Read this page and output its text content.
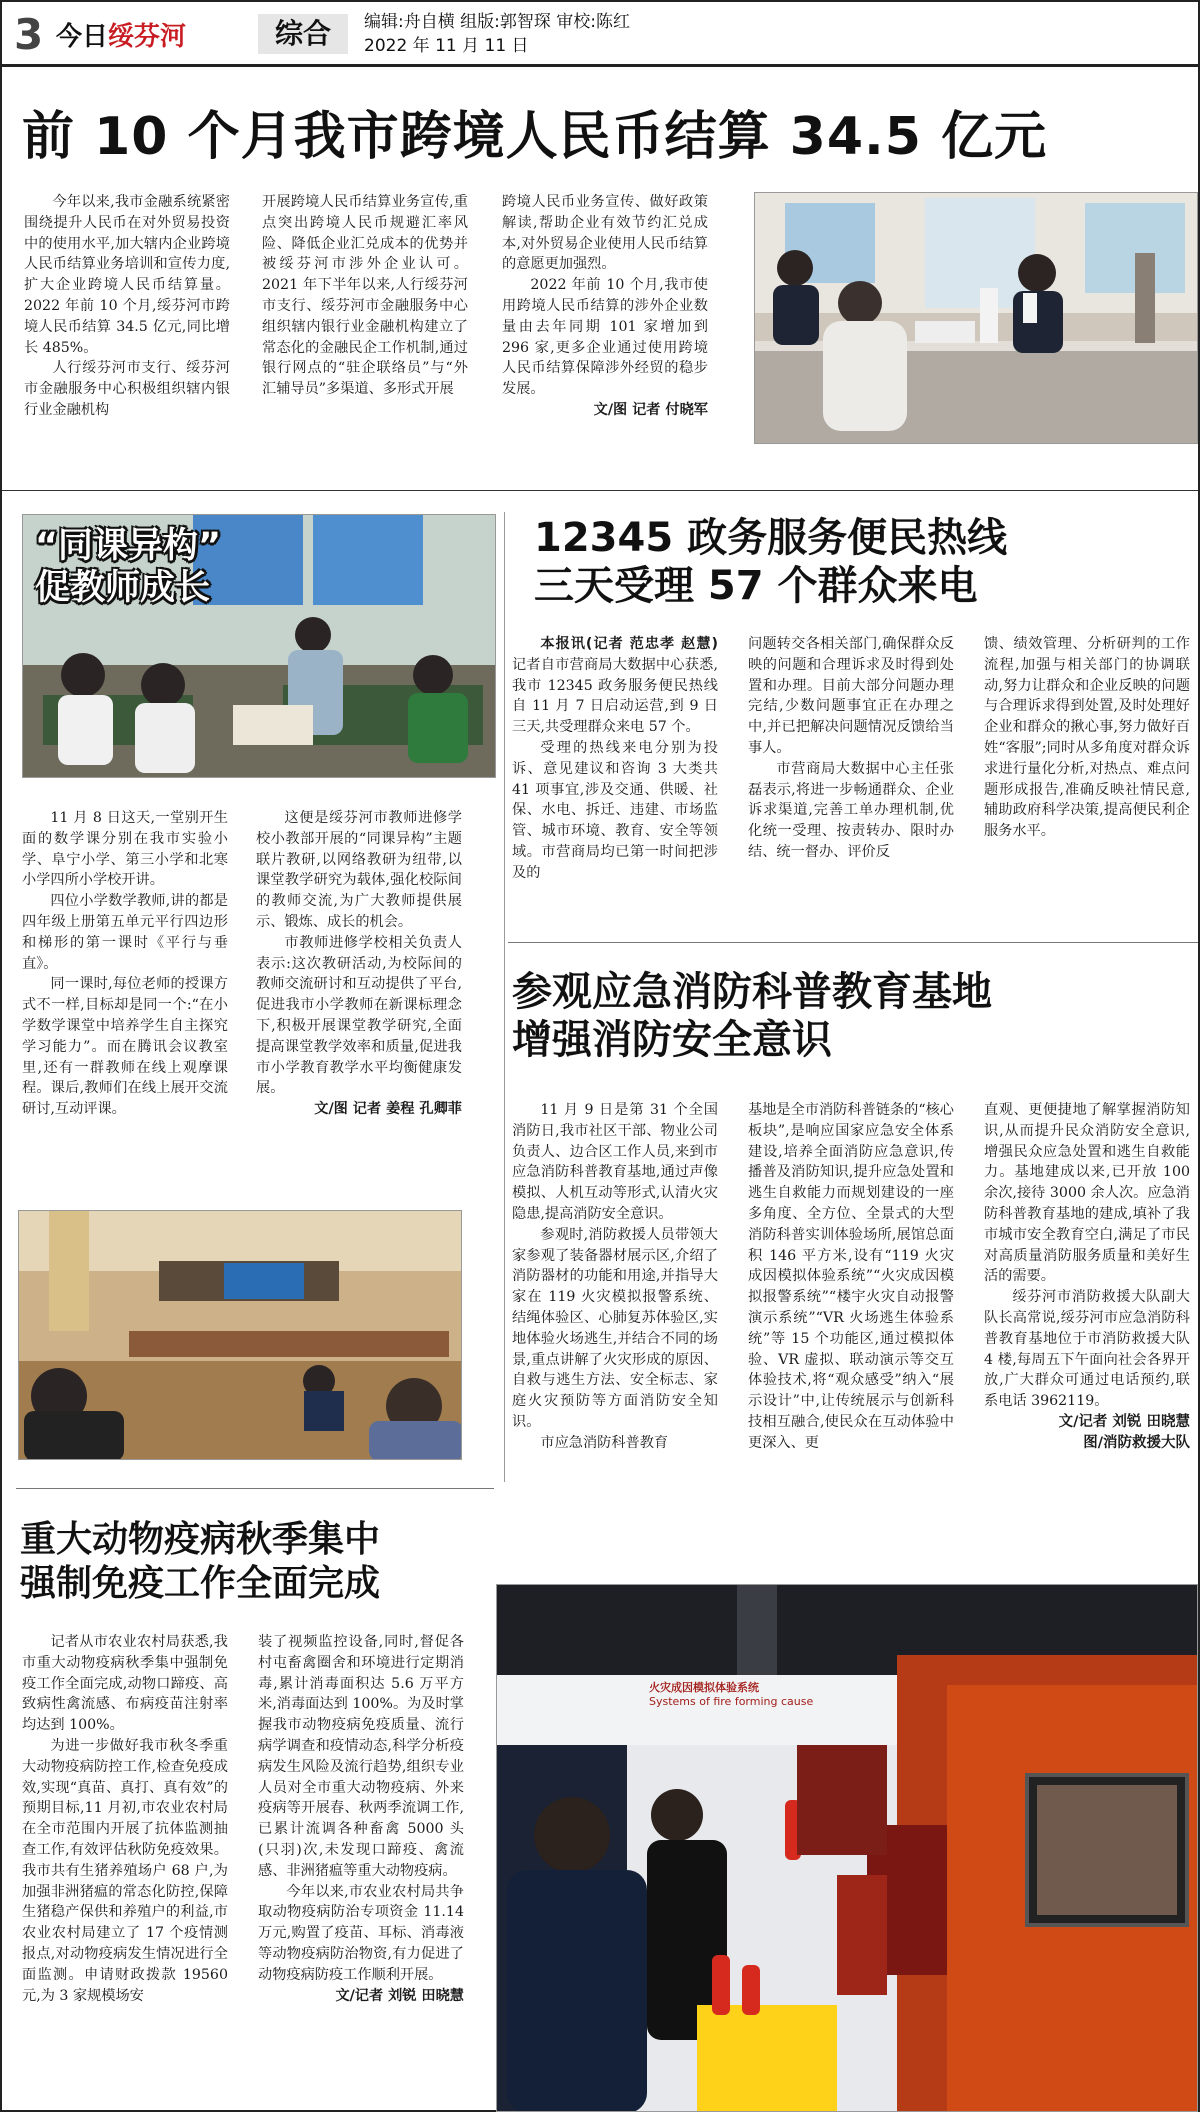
3 今日绥芬河	综合	编辑:舟自横 组版:郭智琛 审校:陈红
2022 年 11 月 11 日
前 10 个月我市跨境人民币结算 34.5 亿元

今年以来,我市金融系统紧密围绕提升人民币在对外贸易投资中的使用水平,加大辖内企业跨境人民币结算业务培训和宣传力度,扩大企业跨境人民币结算量。2022 年前 10 个月,绥芬河市跨境人民币结算 34.5 亿元,同比增长 485%。

人行绥芬河市支行、绥芬河市金融服务中心积极组织辖内银行业金融机构

开展跨境人民币结算业务宣传,重点突出跨境人民币规避汇率风险、降低企业汇兑成本的优势并被绥芬河市涉外企业认可。2021 年下半年以来,人行绥芬河市支行、绥芬河市金融服务中心组织辖内银行业金融机构建立了常态化的金融民企工作机制,通过银行网点的“驻企联络员”与“外汇辅导员”多渠道、多形式开展

跨境人民币业务宣传、做好政策解读,帮助企业有效节约汇兑成本,对外贸易企业使用人民币结算的意愿更加强烈。

2022 年前 10 个月,我市使用跨境人民币结算的涉外企业数量由去年同期 101 家增加到 296 家,更多企业通过使用跨境人民币结算保障涉外经贸的稳步发展。

文/图 记者 付晓军
“同课异构”
促教师成长

11 月 8 日这天,一堂别开生面的数学课分别在我市实验小学、阜宁小学、第三小学和北寒小学四所小学校开讲。

四位小学数学教师,讲的都是四年级上册第五单元平行四边形和梯形的第一课时《平行与垂直》。

同一课时,每位老师的授课方式不一样,目标却是同一个:“在小学数学课堂中培养学生自主探究学习能力”。而在腾讯会议教室里,还有一群教师在线上观摩课程。课后,教师们在线上展开交流研讨,互动评课。

这便是绥芬河市教师进修学校小教部开展的“同课异构”主题联片教研,以网络教研为纽带,以课堂教学研究为载体,强化校际间的教师交流,为广大教师提供展示、锻炼、成长的机会。

市教师进修学校相关负责人表示:这次教研活动,为校际间的教师交流研讨和互动提供了平台,促进我市小学教师在新课标理念下,积极开展课堂教学研究,全面提高课堂教学效率和质量,促进我市小学教育教学水平均衡健康发展。

文/图 记者 姜程 孔卿菲
12345 政务服务便民热线
三天受理 57 个群众来电

本报讯(记者 范忠孝 赵慧)记者自市营商局大数据中心获悉,我市 12345 政务服务便民热线自 11 月 7 日启动运营,到 9 日三天,共受理群众来电 57 个。

受理的热线来电分别为投诉、意见建议和咨询 3 大类共 41 项事宜,涉及交通、供暖、社保、水电、拆迁、违建、市场监管、城市环境、教育、安全等领域。市营商局均已第一时间把涉及的

问题转交各相关部门,确保群众反映的问题和合理诉求及时得到处置和办理。目前大部分问题办理完结,少数问题事宜正在办理之中,并已把解决问题情况反馈给当事人。

市营商局大数据中心主任张磊表示,将进一步畅通群众、企业诉求渠道,完善工单办理机制,优化统一受理、按责转办、限时办结、统一督办、评价反

馈、绩效管理、分析研判的工作流程,加强与相关部门的协调联动,努力让群众和企业反映的问题与合理诉求得到处置,及时处理好企业和群众的揪心事,努力做好百姓“客服”;同时从多角度对群众诉求进行量化分析,对热点、难点问题形成报告,准确反映社情民意,辅助政府科学决策,提高便民利企服务水平。

参观应急消防科普教育基地
增强消防安全意识

11 月 9 日是第 31 个全国消防日,我市社区干部、物业公司负责人、边合区工作人员,来到市应急消防科普教育基地,通过声像模拟、人机互动等形式,认清火灾隐患,提高消防安全意识。

参观时,消防救援人员带领大家参观了装备器材展示区,介绍了消防器材的功能和用途,并指导大家在 119 火灾模拟报警系统、结绳体验区、心肺复苏体验区,实地体验火场逃生,并结合不同的场景,重点讲解了火灾形成的原因、自救与逃生方法、安全标志、家庭火灾预防等方面消防安全知识。

市应急消防科普教育

基地是全市消防科普链条的“核心板块”,是响应国家应急安全体系建设,培养全面消防应急意识,传播普及消防知识,提升应急处置和逃生自救能力而规划建设的一座多角度、全方位、全景式的大型消防科普实训体验场所,展馆总面积 146 平方米,设有“119 火灾成因模拟体验系统”“火灾成因模拟报警系统”“楼宇火灾自动报警演示系统”“VR 火场逃生体验系统”等 15 个功能区,通过模拟体验、VR 虚拟、联动演示等交互体验技术,将“观众感受”纳入“展示设计”中,让传统展示与创新科技相互融合,使民众在互动体验中更深入、更

直观、更便捷地了解掌握消防知识,从而提升民众消防安全意识,增强民众应急处置和逃生自救能力。基地建成以来,已开放 100 余次,接待 3000 余人次。应急消防科普教育基地的建成,填补了我市城市安全教育空白,满足了市民对高质量消防服务质量和美好生活的需要。

绥芬河市消防救援大队副大队长高常说,绥芬河市应急消防科普教育基地位于市消防救援大队 4 楼,每周五下午面向社会各界开放,广大群众可通过电话预约,联系电话 3962119。

文/记者 刘锐 田晓慧
图/消防救援大队
重大动物疫病秋季集中
强制免疫工作全面完成

记者从市农业农村局获悉,我市重大动物疫病秋季集中强制免疫工作全面完成,动物口蹄疫、高致病性禽流感、布病疫苗注射率均达到 100%。

为进一步做好我市秋冬季重大动物疫病防控工作,检查免疫成效,实现“真苗、真打、真有效”的预期目标,11 月初,市农业农村局在全市范围内开展了抗体监测抽查工作,有效评估秋防免疫效果。我市共有生猪养殖场户 68 户,为加强非洲猪瘟的常态化防控,保障生猪稳产保供和养殖户的利益,市农业农村局建立了 17 个疫情测报点,对动物疫病发生情况进行全面监测。申请财政拨款 19560 元,为 3 家规模场安

装了视频监控设备,同时,督促各村屯畜禽圈舍和环境进行定期消毒,累计消毒面积达 5.6 万平方米,消毒面达到 100%。为及时掌握我市动物疫病免疫质量、流行病学调查和疫情动态,科学分析疫病发生风险及流行趋势,组织专业人员对全市重大动物疫病、外来疫病等开展春、秋两季流调工作,已累计流调各种畜禽 5000 头(只羽)次,未发现口蹄疫、禽流感、非洲猪瘟等重大动物疫病。

今年以来,市农业农村局共争取动物疫病防治专项资金 11.14 万元,购置了疫苗、耳标、消毒液等动物疫病防治物资,有力促进了动物疫病防疫工作顺利开展。

文/记者 刘锐 田晓慧
火灾成因模拟体验系统
Systems of fire forming cause
